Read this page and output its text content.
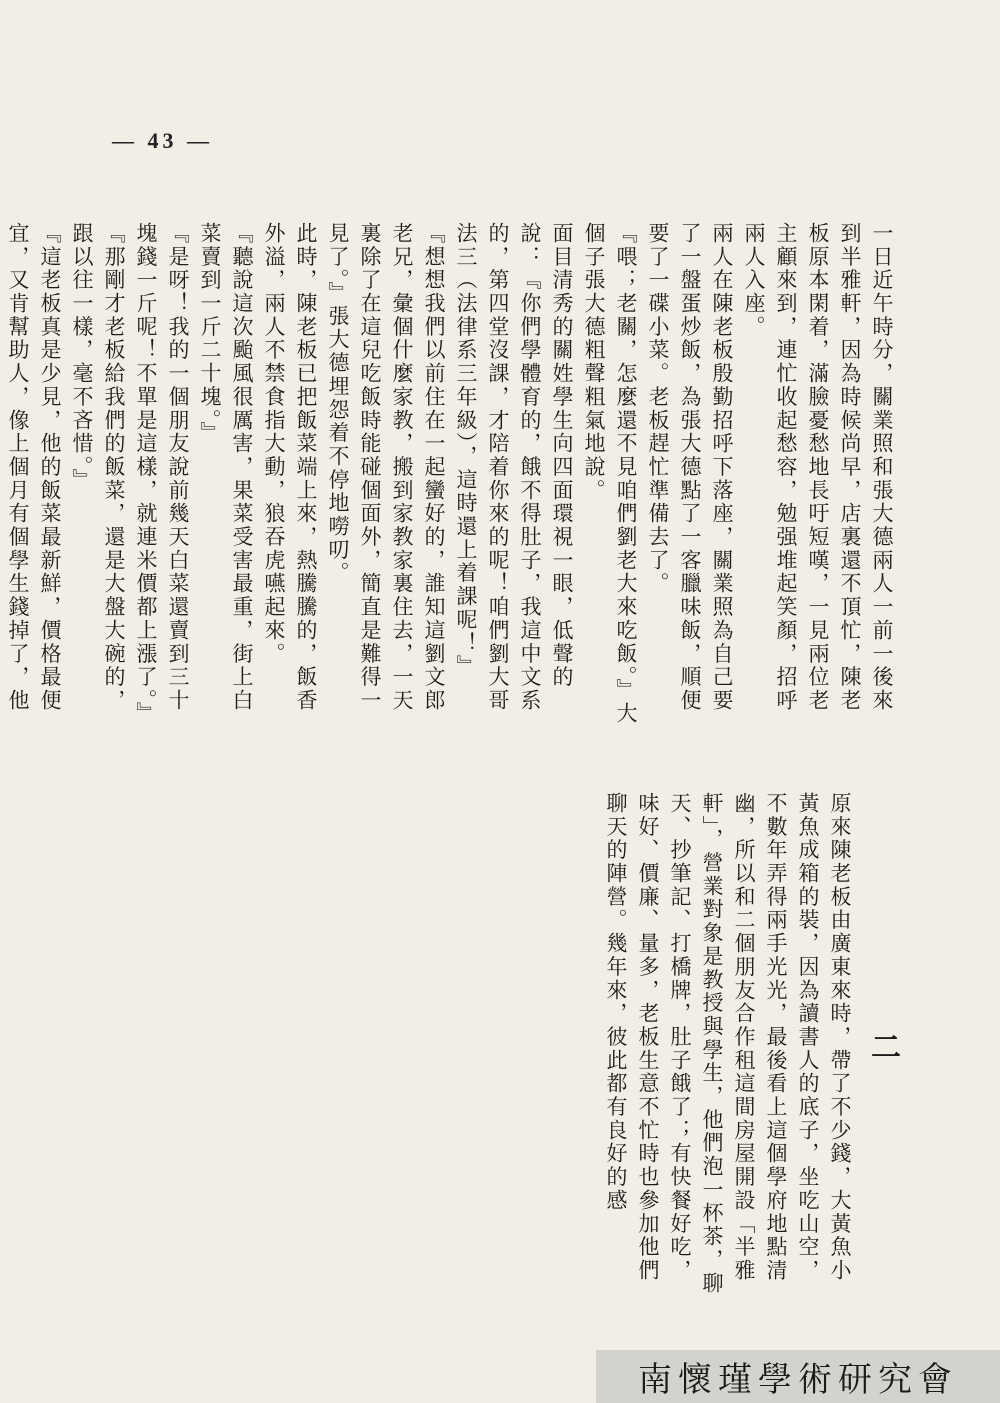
— 43 —

一日近午時分，關業照和張大德兩人一前一後來到半雅軒，因為時候尚早，店裏還不頂忙，陳老板原本閑着，滿臉憂愁地長吁短嘆，一見兩位老主顧來到，連忙收起愁容，勉强堆起笑顏，招呼兩人入座。

兩人在陳老板殷勤招呼下落座，關業照為自己要了一盤蛋炒飯，為張大德點了一客臘味飯，順便要了一碟小菜。老板趕忙準備去了。

『喂；老關，怎麼還不見咱們劉老大來吃飯。』大個子張大德粗聲粗氣地說。

面目清秀的關姓學生向四面環視一眼，低聲的說：『你們學體育的，餓不得肚子，我這中文系的，第四堂沒課，才陪着你來的呢！咱們劉大哥法三（法律系三年級），這時還上着課呢！』

『想想我們以前住在一起蠻好的，誰知這劉文郎老兄，彙個什麼家教，搬到家教家裏住去，一天裏除了在這兒吃飯時能碰個面外，簡直是難得一見了。』張大德埋怨着不停地嘮叨。

此時，陳老板已把飯菜端上來，熱騰騰的，飯香外溢，兩人不禁食指大動，狼吞虎嚥起來。

『聽說這次颱風很厲害，果菜受害最重，街上白菜賣到一斤二十塊。』

『是呀！我的一個朋友說前幾天白菜還賣到三十塊錢一斤呢！不單是這樣，就連米價都上漲了。』

『那剛才老板給我們的飯菜，還是大盤大碗的，跟以往一樣，毫不吝惜。』

『這老板真是少見，他的飯菜最新鮮，價格最便宜，又肯幫助人，像上個月有個學生錢掉了，他

二

原來陳老板由廣東來時，帶了不少錢，大黃魚小黃魚成箱的裝，因為讀書人的底子，坐吃山空，不數年弄得兩手光光，最後看上這個學府地點清幽，所以和二個朋友合作租這間房屋開設「半雅軒」，營業對象是教授與學生，他們泡一杯茶，聊天、抄筆記、打橋牌，肚子餓了；有快餐好吃，味好、價廉、量多，老板生意不忙時也參加他們聊天的陣營。幾年來，彼此都有良好的感

南懷瑾學術研究會
